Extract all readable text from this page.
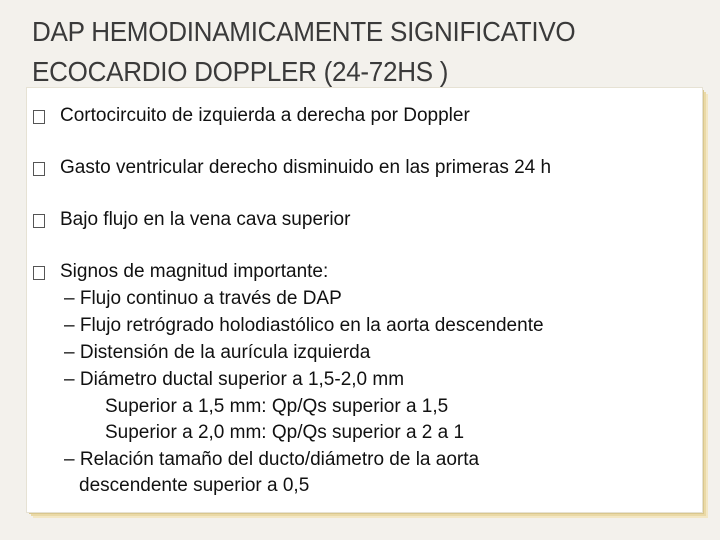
DAP HEMODINAMICAMENTE SIGNIFICATIVO
ECOCARDIO DOPPLER (24-72HS )
Cortocircuito de izquierda a derecha por Doppler
Gasto ventricular derecho disminuido en las primeras 24 h
Bajo flujo en la vena cava superior
Signos de magnitud importante:
– Flujo continuo a través de DAP
– Flujo retrógrado holodiastólico en la aorta descendente
– Distensión de la aurícula izquierda
– Diámetro ductal superior a 1,5-2,0 mm
Superior a 1,5 mm: Qp/Qs superior a 1,5
Superior a 2,0 mm: Qp/Qs superior a 2 a 1
– Relación tamaño del ducto/diámetro de la aorta
descendente superior a 0,5
